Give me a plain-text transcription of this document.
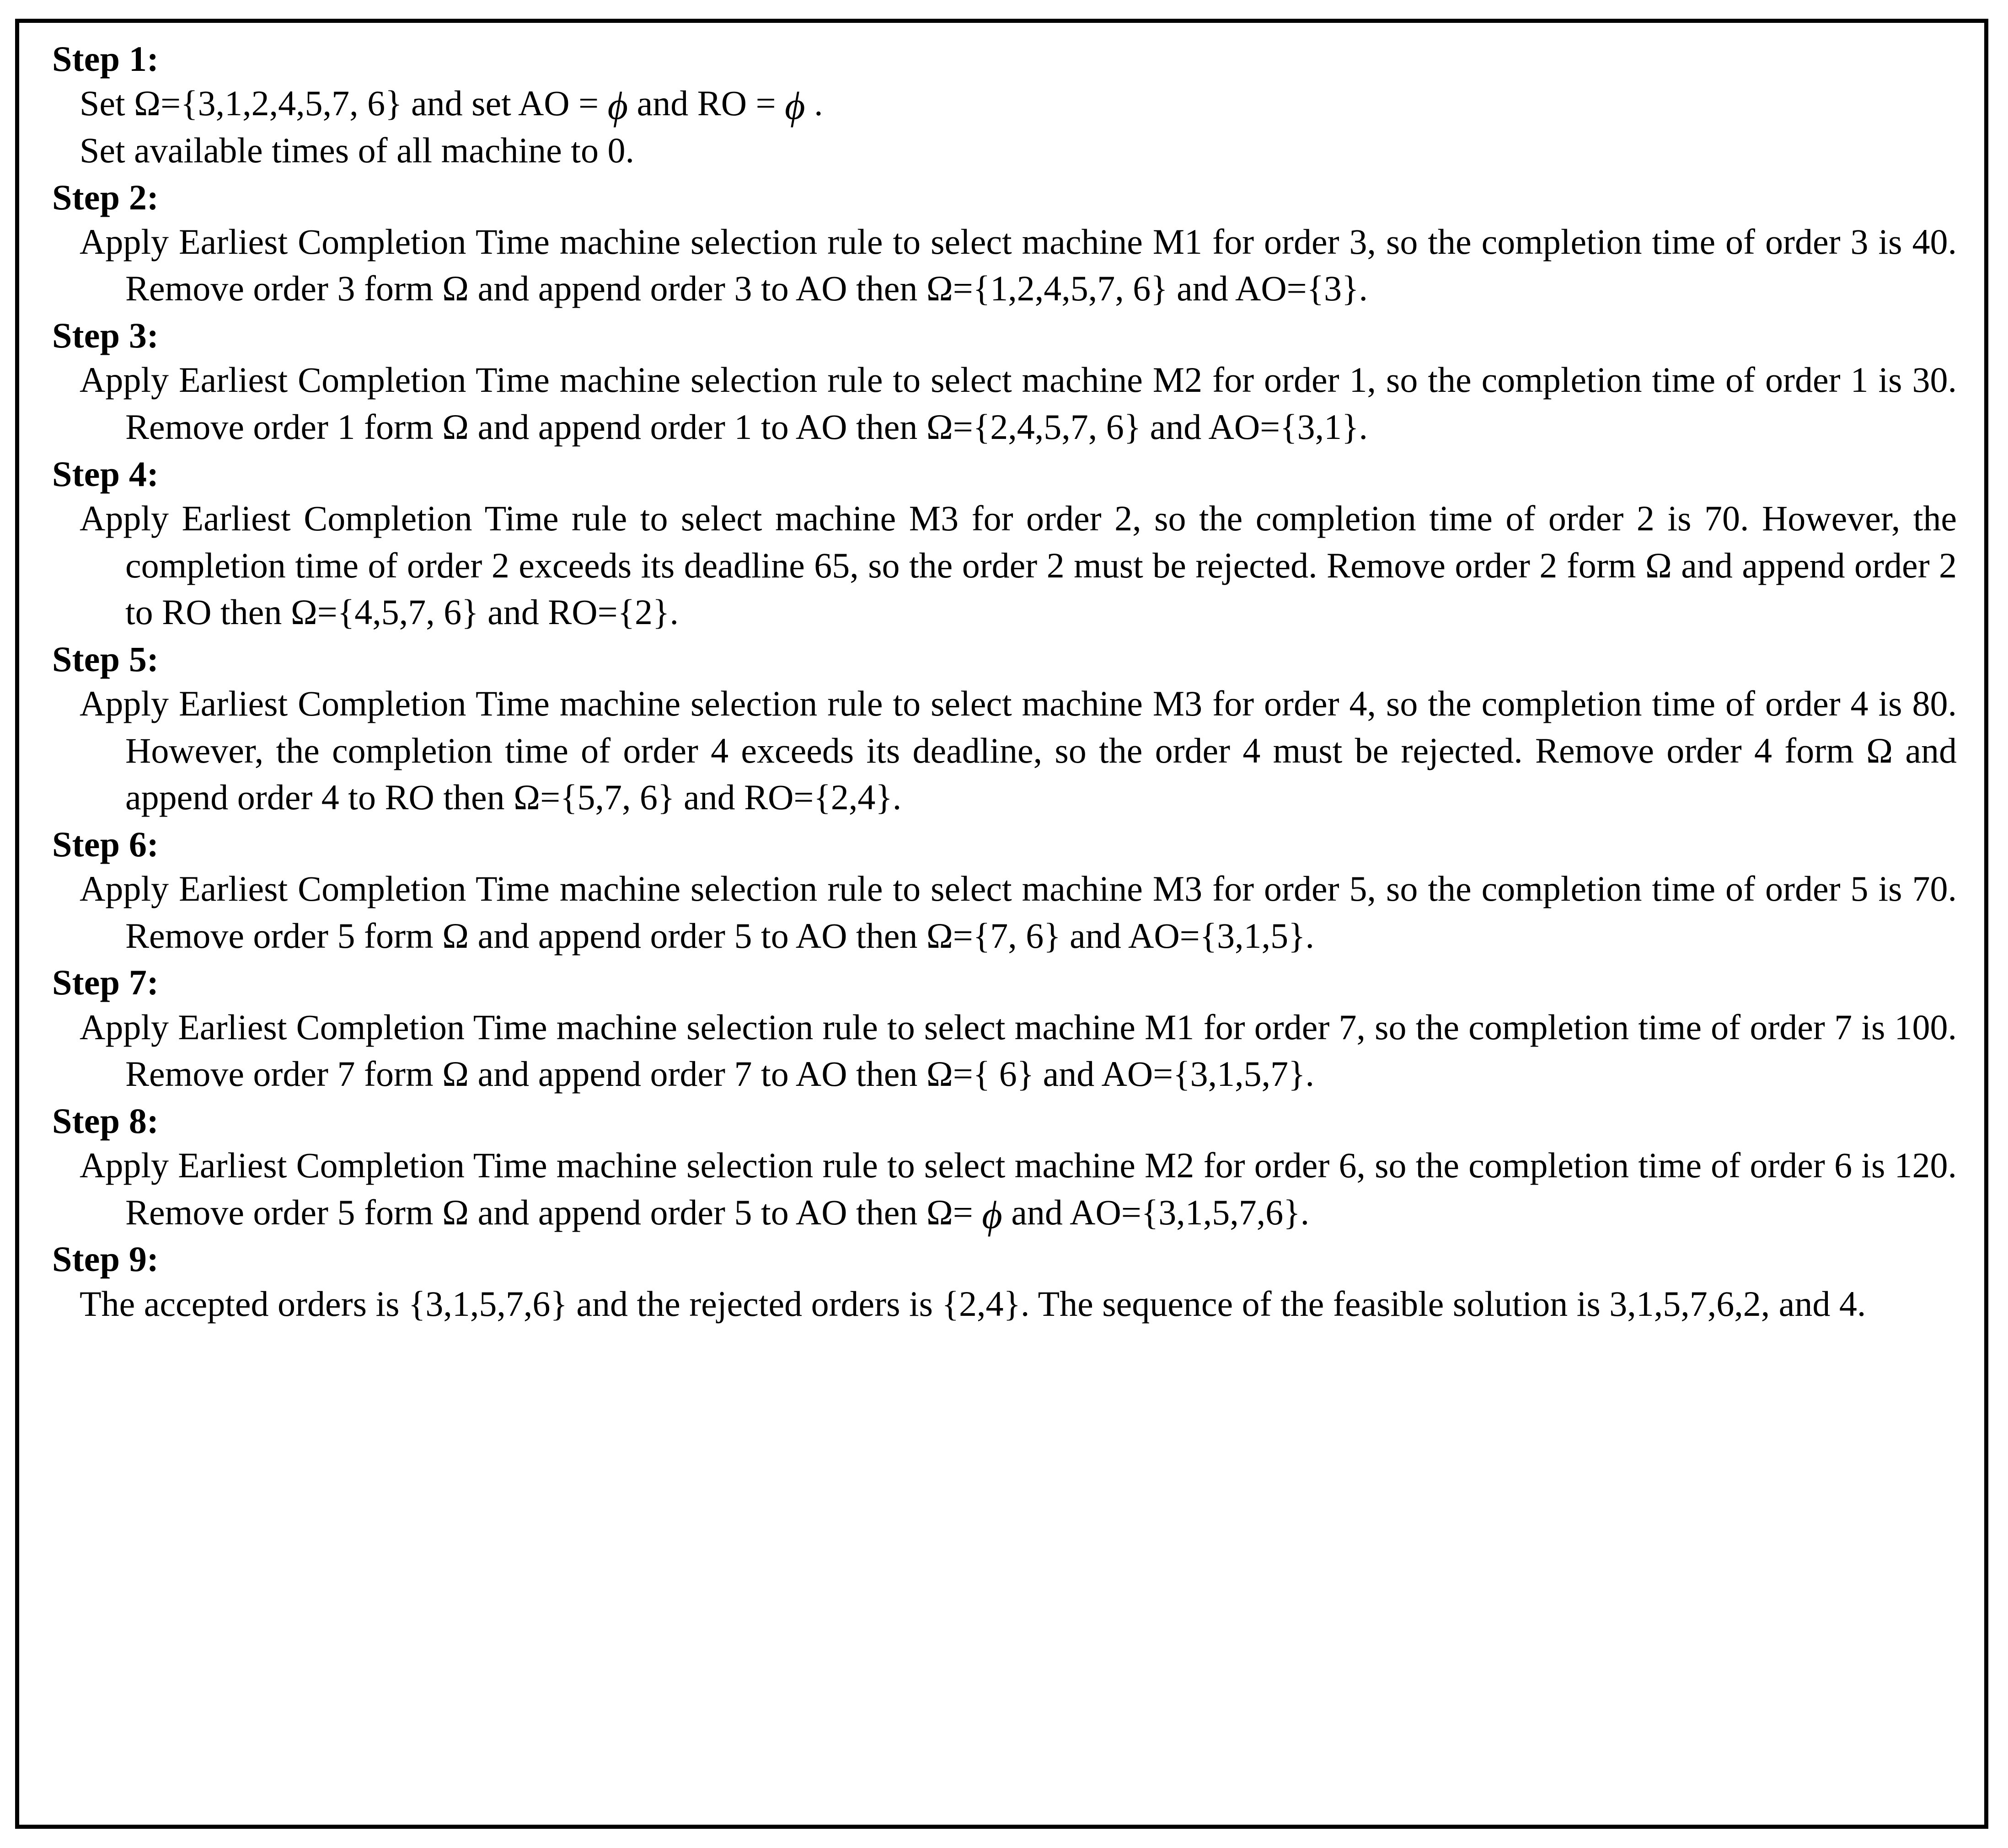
Step 1:
Set Ω={3,1,2,4,5,7, 6} and set AO = ϕ and RO = ϕ .
Set available times of all machine to 0.
Step 2:
Apply Earliest Completion Time machine selection rule to select machine M1 for order 3, so the completion time of order 3 is 40. Remove order 3 form Ω and append order 3 to AO then Ω={1,2,4,5,7, 6} and AO={3}.
Step 3:
Apply Earliest Completion Time machine selection rule to select machine M2 for order 1, so the completion time of order 1 is 30. Remove order 1 form Ω and append order 1 to AO then Ω={2,4,5,7, 6} and AO={3,1}.
Step 4:
Apply Earliest Completion Time rule to select machine M3 for order 2, so the completion time of order 2 is 70. However, the completion time of order 2 exceeds its deadline 65, so the order 2 must be rejected. Remove order 2 form Ω and append order 2 to RO then Ω={4,5,7, 6} and RO={2}.
Step 5:
Apply Earliest Completion Time machine selection rule to select machine M3 for order 4, so the completion time of order 4 is 80. However, the completion time of order 4 exceeds its deadline, so the order 4 must be rejected. Remove order 4 form Ω and append order 4 to RO then Ω={5,7, 6} and RO={2,4}.
Step 6:
Apply Earliest Completion Time machine selection rule to select machine M3 for order 5, so the completion time of order 5 is 70. Remove order 5 form Ω and append order 5 to AO then Ω={7, 6} and AO={3,1,5}.
Step 7:
Apply Earliest Completion Time machine selection rule to select machine M1 for order 7, so the completion time of order 7 is 100. Remove order 7 form Ω and append order 7 to AO then Ω={ 6} and AO={3,1,5,7}.
Step 8:
Apply Earliest Completion Time machine selection rule to select machine M2 for order 6, so the completion time of order 6 is 120. Remove order 5 form Ω and append order 5 to AO then Ω= ϕ and AO={3,1,5,7,6}.
Step 9:
The accepted orders is {3,1,5,7,6} and the rejected orders is {2,4}. The sequence of the feasible solution is 3,1,5,7,6,2, and 4.
